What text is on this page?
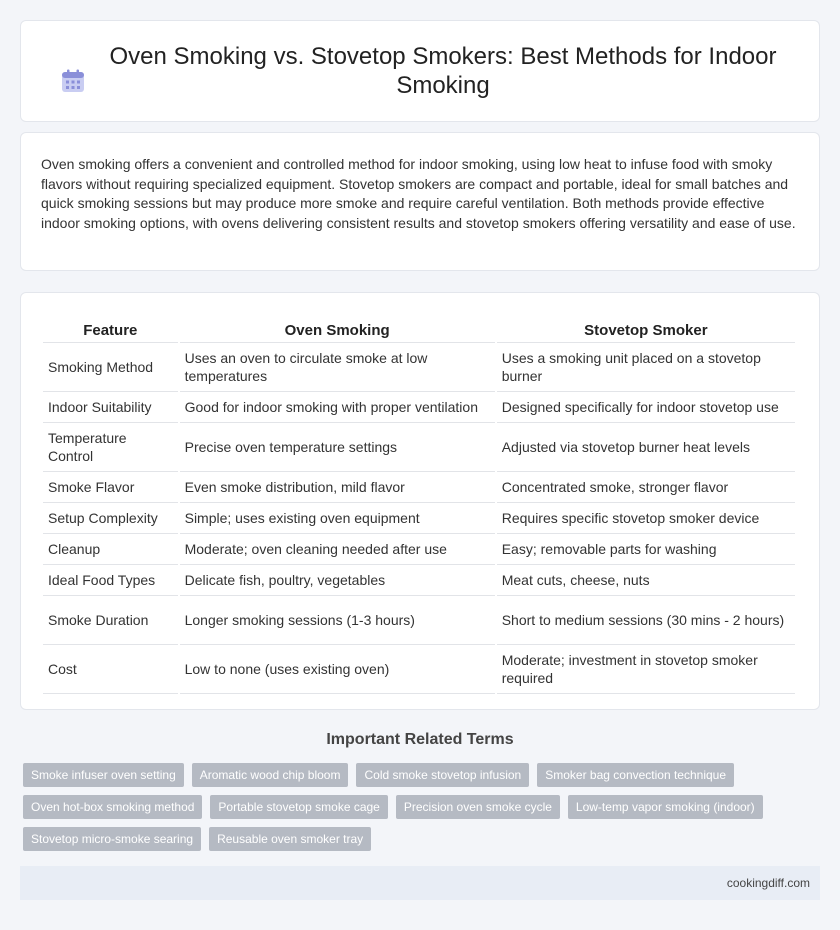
Oven Smoking vs. Stovetop Smokers: Best Methods for Indoor Smoking

Oven smoking offers a convenient and controlled method for indoor smoking, using low heat to infuse food with smoky flavors without requiring specialized equipment. Stovetop smokers are compact and portable, ideal for small batches and quick smoking sessions but may produce more smoke and require careful ventilation. Both methods provide effective indoor smoking options, with ovens delivering consistent results and stovetop smokers offering versatility and ease of use.

Feature	Oven Smoking	Stovetop Smoker
Smoking Method	Uses an oven to circulate smoke at low temperatures	Uses a smoking unit placed on a stovetop burner
Indoor Suitability	Good for indoor smoking with proper ventilation	Designed specifically for indoor stovetop use
Temperature Control	Precise oven temperature settings	Adjusted via stovetop burner heat levels
Smoke Flavor	Even smoke distribution, mild flavor	Concentrated smoke, stronger flavor
Setup Complexity	Simple; uses existing oven equipment	Requires specific stovetop smoker device
Cleanup	Moderate; oven cleaning needed after use	Easy; removable parts for washing
Ideal Food Types	Delicate fish, poultry, vegetables	Meat cuts, cheese, nuts
Smoke Duration	Longer smoking sessions (1-3 hours)	Short to medium sessions (30 mins - 2 hours)
Cost	Low to none (uses existing oven)	Moderate; investment in stovetop smoker required
Important Related Terms
Smoke infuser oven setting	Aromatic wood chip bloom	Cold smoke stovetop infusion	Smoker bag convection technique
Oven hot-box smoking method	Portable stovetop smoke cage	Precision oven smoke cycle	Low-temp vapor smoking (indoor)
Stovetop micro-smoke searing	Reusable oven smoker tray
cookingdiff.com
